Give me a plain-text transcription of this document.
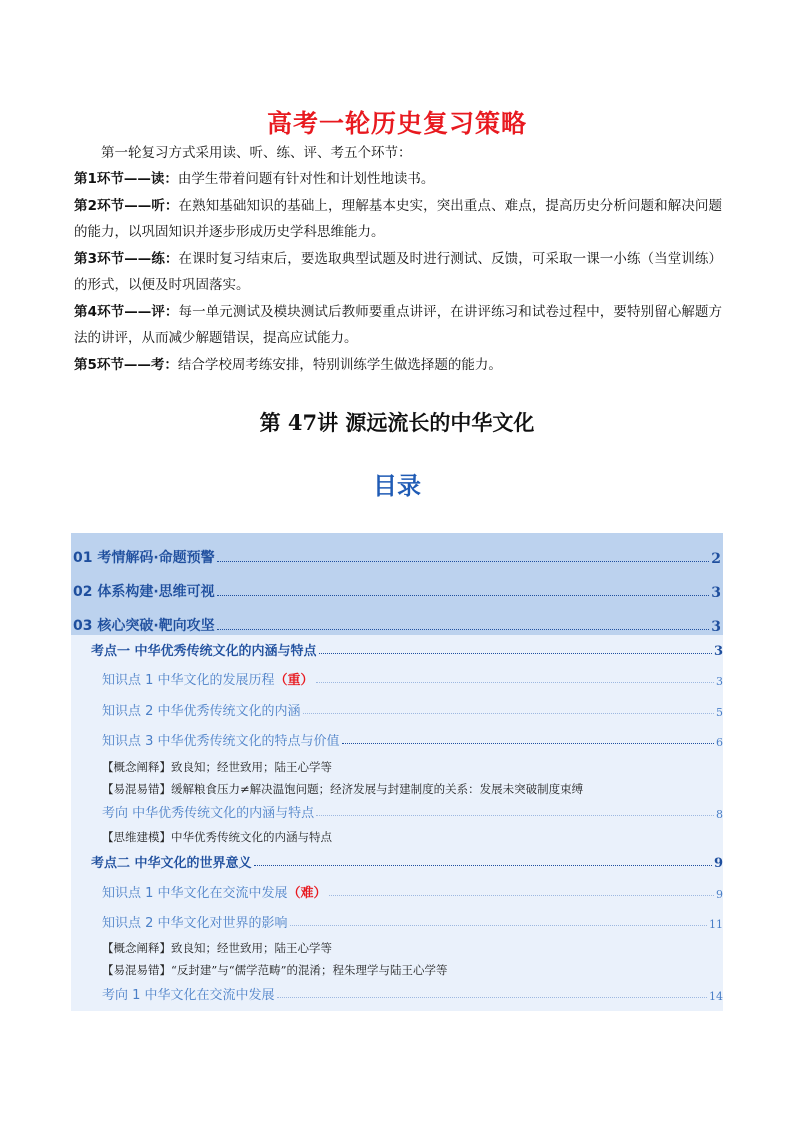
高考一轮历史复习策略
第一轮复习方式采用读、听、练、评、考五个环节：

第1环节——读：由学生带着问题有针对性和计划性地读书。

第2环节——听：在熟知基础知识的基础上，理解基本史实，突出重点、难点，提高历史分析问题和解决问题的能力，以巩固知识并逐步形成历史学科思维能力。

第3环节——练：在课时复习结束后，要选取典型试题及时进行测试、反馈，可采取一课一小练（当堂训练）的形式，以便及时巩固落实。

第4环节——评：每一单元测试及模块测试后教师要重点讲评，在讲评练习和试卷过程中，要特别留心解题方法的讲评，从而减少解题错误，提高应试能力。

第5环节——考：结合学校周考练安排，特别训练学生做选择题的能力。

第 47讲 源远流长的中华文化
目录
01 考情解码·命题预警	2
02 体系构建·思维可视	3
03 核心突破·靶向攻坚	3
考点一 中华优秀传统文化的内涵与特点	3
知识点 1 中华文化的发展历程（重）	3
知识点 2 中华优秀传统文化的内涵	5
知识点 3 中华优秀传统文化的特点与价值	6
【概念阐释】致良知；经世致用；陆王心学等
【易混易错】缓解粮食压力≠解决温饱问题；经济发展与封建制度的关系：发展未突破制度束缚
考向 中华优秀传统文化的内涵与特点	8
【思维建模】中华优秀传统文化的内涵与特点
考点二 中华文化的世界意义	9
知识点 1 中华文化在交流中发展（难）	9
知识点 2 中华文化对世界的影响	11
【概念阐释】致良知；经世致用；陆王心学等
【易混易错】“反封建”与“儒学范畴”的混淆；程朱理学与陆王心学等
考向 1 中华文化在交流中发展	14
